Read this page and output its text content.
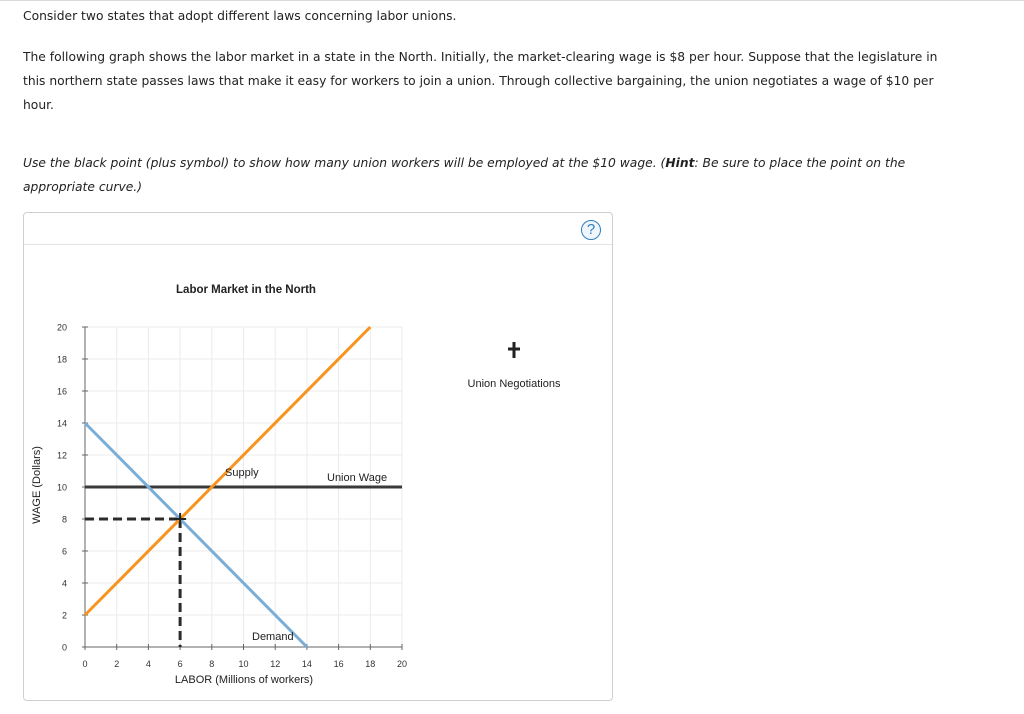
Consider two states that adopt different laws concerning labor unions.

The following graph shows the labor market in a state in the North. Initially, the market-clearing wage is $8 per hour. Suppose that the legislature in this northern state passes laws that make it easy for workers to join a union. Through collective bargaining, the union negotiates a wage of $10 per hour.

Use the black point (plus symbol) to show how many union workers will be employed at the $10 wage. (Hint: Be sure to place the point on the appropriate curve.)

?
Labor Market in the North
WAGE (Dollars)
LABOR (Millions of workers)
0
2
4
6
8
10
12
14
16
18
20
0	2	4	6	8	10 12 14 16 18 20
Supply	Union Wage
Demand
Union Negotiations
